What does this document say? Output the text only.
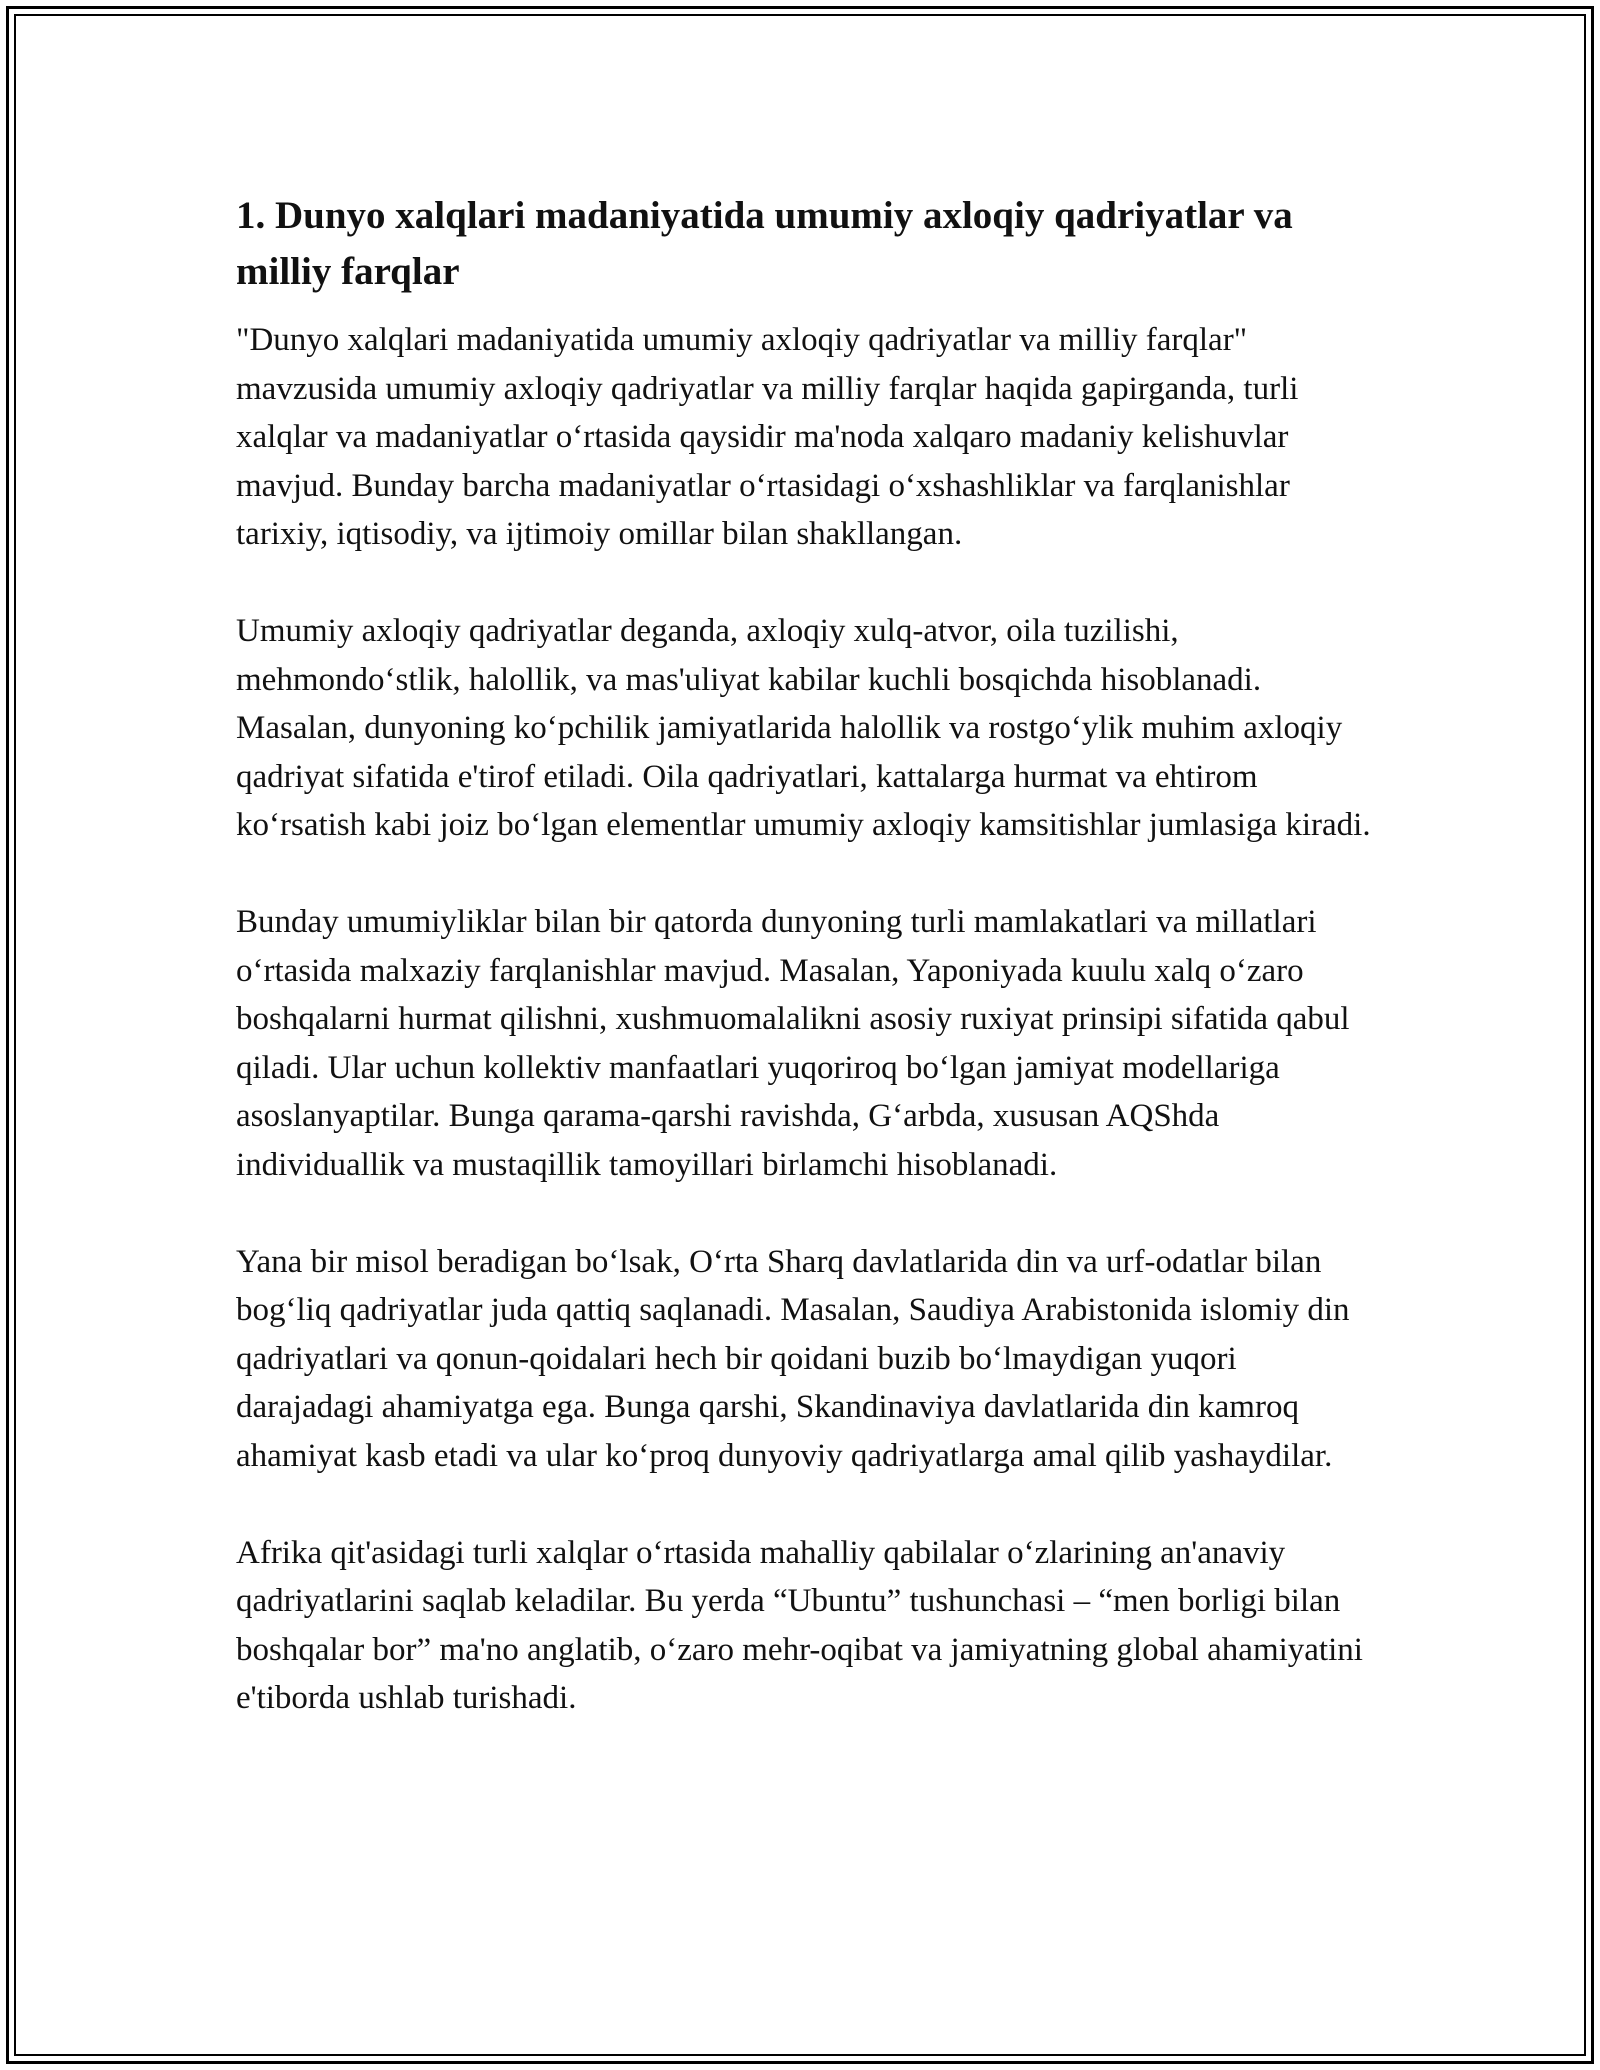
1. Dunyo xalqlari madaniyatida umumiy axloqiy qadriyatlar va milliy farqlar

"Dunyo xalqlari madaniyatida umumiy axloqiy qadriyatlar va milliy farqlar" mavzusida umumiy axloqiy qadriyatlar va milliy farqlar haqida gapirganda, turli xalqlar va madaniyatlar o‘rtasida qaysidir ma'noda xalqaro madaniy kelishuvlar mavjud. Bunday barcha madaniyatlar o‘rtasidagi o‘xshashliklar va farqlanishlar tarixiy, iqtisodiy, va ijtimoiy omillar bilan shakllangan.

Umumiy axloqiy qadriyatlar deganda, axloqiy xulq-atvor, oila tuzilishi, mehmondo‘stlik, halollik, va mas'uliyat kabilar kuchli bosqichda hisoblanadi. Masalan, dunyoning ko‘pchilik jamiyatlarida halollik va rostgo‘ylik muhim axloqiy qadriyat sifatida e'tirof etiladi. Oila qadriyatlari, kattalarga hurmat va ehtirom ko‘rsatish kabi joiz bo‘lgan elementlar umumiy axloqiy kamsitishlar jumlasiga kiradi.

Bunday umumiyliklar bilan bir qatorda dunyoning turli mamlakatlari va millatlari o‘rtasida malxaziy farqlanishlar mavjud. Masalan, Yaponiyada kuulu xalq o‘zaro boshqalarni hurmat qilishni, xushmuomalalikni asosiy ruxiyat prinsipi sifatida qabul qiladi. Ular uchun kollektiv manfaatlari yuqoriroq bo‘lgan jamiyat modellariga asoslanyaptilar. Bunga qarama-qarshi ravishda, G‘arbda, xususan AQShda individuallik va mustaqillik tamoyillari birlamchi hisoblanadi.

Yana bir misol beradigan bo‘lsak, O‘rta Sharq davlatlarida din va urf-odatlar bilan bog‘liq qadriyatlar juda qattiq saqlanadi. Masalan, Saudiya Arabistonida islomiy din qadriyatlari va qonun-qoidalari hech bir qoidani buzib bo‘lmaydigan yuqori darajadagi ahamiyatga ega. Bunga qarshi, Skandinaviya davlatlarida din kamroq ahamiyat kasb etadi va ular ko‘proq dunyoviy qadriyatlarga amal qilib yashaydilar.

Afrika qit'asidagi turli xalqlar o‘rtasida mahalliy qabilalar o‘zlarining an'anaviy qadriyatlarini saqlab keladilar. Bu yerda “Ubuntu” tushunchasi – “men borligi bilan boshqalar bor” ma'no anglatib, o‘zaro mehr-oqibat va jamiyatning global ahamiyatini e'tiborda ushlab turishadi.
